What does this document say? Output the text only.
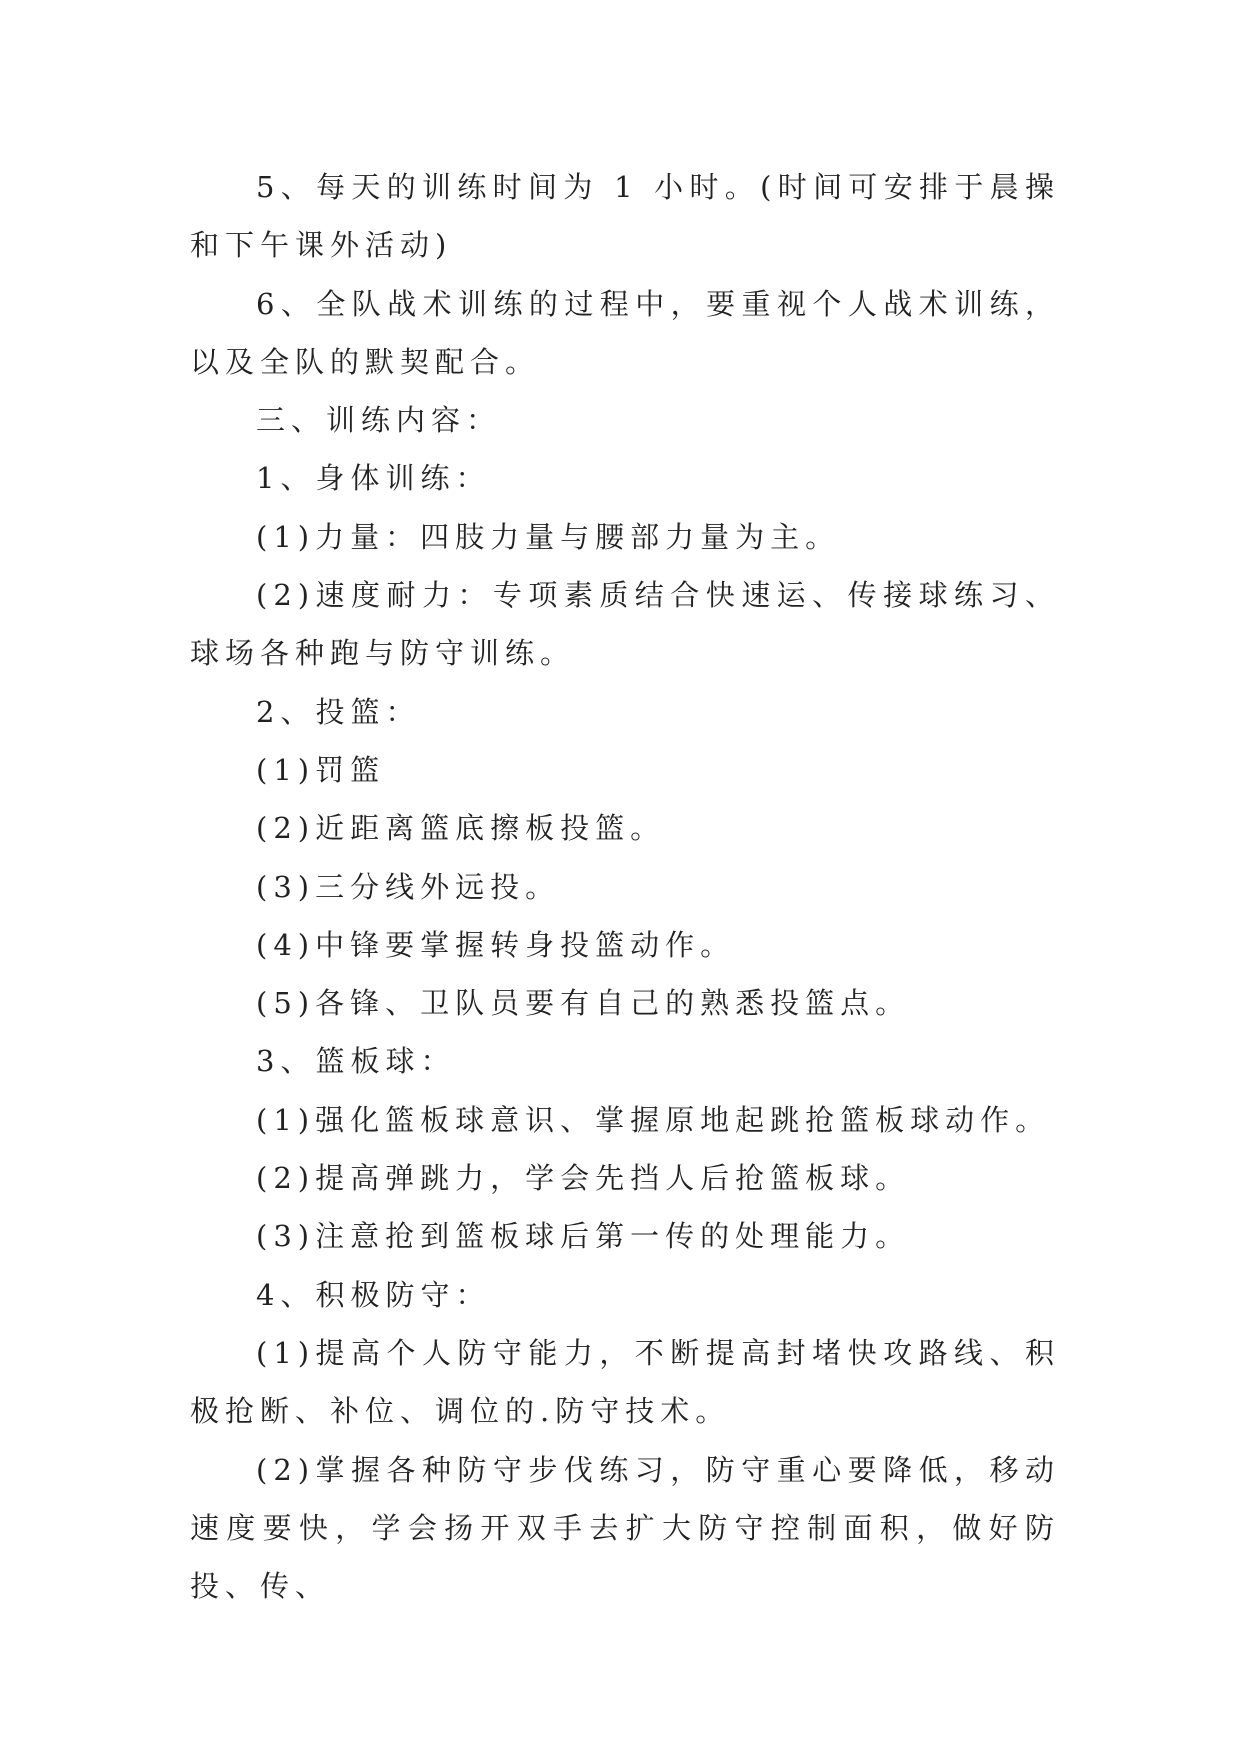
5、每天的训练时间为 1 小时。(时间可安排于晨操和下午课外活动)

6、全队战术训练的过程中，要重视个人战术训练，以及全队的默契配合。

三、训练内容：

1、身体训练：

(1)力量：四肢力量与腰部力量为主。

(2)速度耐力：专项素质结合快速运、传接球练习、球场各种跑与防守训练。

2、投篮：

(1)罚篮

(2)近距离篮底擦板投篮。

(3)三分线外远投。

(4)中锋要掌握转身投篮动作。

(5)各锋、卫队员要有自己的熟悉投篮点。

3、篮板球：

(1)强化篮板球意识、掌握原地起跳抢篮板球动作。

(2)提高弹跳力，学会先挡人后抢篮板球。

(3)注意抢到篮板球后第一传的处理能力。

4、积极防守：

(1)提高个人防守能力，不断提高封堵快攻路线、积极抢断、补位、调位的.防守技术。

(2)掌握各种防守步伐练习，防守重心要降低，移动速度要快，学会扬开双手去扩大防守控制面积，做好防投、传、
